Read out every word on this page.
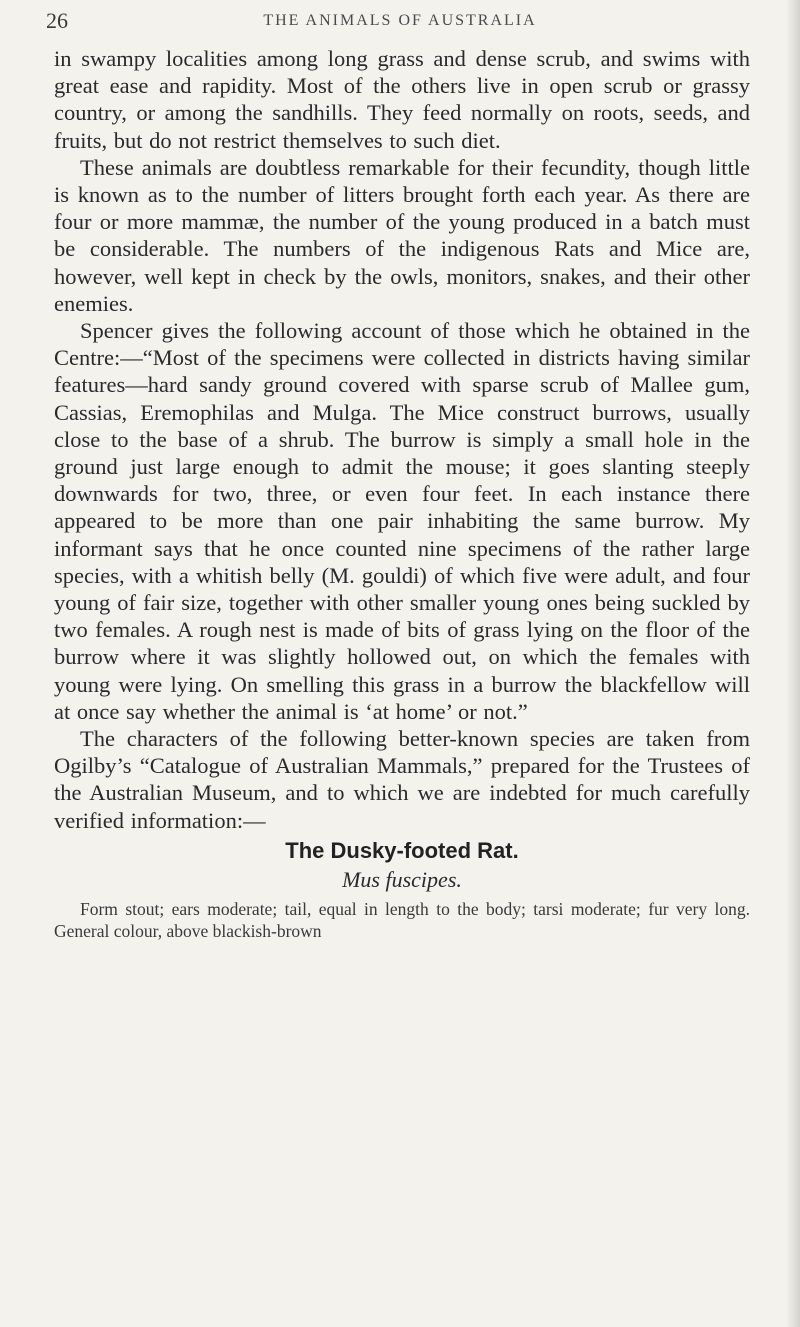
26	THE ANIMALS OF AUSTRALIA

in swampy localities among long grass and dense scrub, and swims with great ease and rapidity. Most of the others live in open scrub or grassy country, or among the sandhills. They feed normally on roots, seeds, and fruits, but do not restrict themselves to such diet.

These animals are doubtless remarkable for their fecundity, though little is known as to the number of litters brought forth each year. As there are four or more mammæ, the number of the young produced in a batch must be considerable. The numbers of the indigenous Rats and Mice are, however, well kept in check by the owls, monitors, snakes, and their other enemies.

Spencer gives the following account of those which he obtained in the Centre:—“Most of the specimens were collected in districts having similar features—hard sandy ground covered with sparse scrub of Mallee gum, Cassias, Eremophilas and Mulga. The Mice construct burrows, usually close to the base of a shrub. The burrow is simply a small hole in the ground just large enough to admit the mouse; it goes slanting steeply downwards for two, three, or even four feet. In each instance there appeared to be more than one pair inhabiting the same burrow. My informant says that he once counted nine specimens of the rather large species, with a whitish belly (M. gouldi) of which five were adult, and four young of fair size, together with other smaller young ones being suckled by two females. A rough nest is made of bits of grass lying on the floor of the burrow where it was slightly hollowed out, on which the females with young were lying. On smelling this grass in a burrow the blackfellow will at once say whether the animal is ‘at home’ or not.”

The characters of the following better-known species are taken from Ogilby’s “Catalogue of Australian Mammals,” prepared for the Trustees of the Australian Museum, and to which we are indebted for much carefully verified information:—

The Dusky-footed Rat.

Mus fuscipes.

Form stout; ears moderate; tail, equal in length to the body; tarsi moderate; fur very long. General colour, above blackish-brown
